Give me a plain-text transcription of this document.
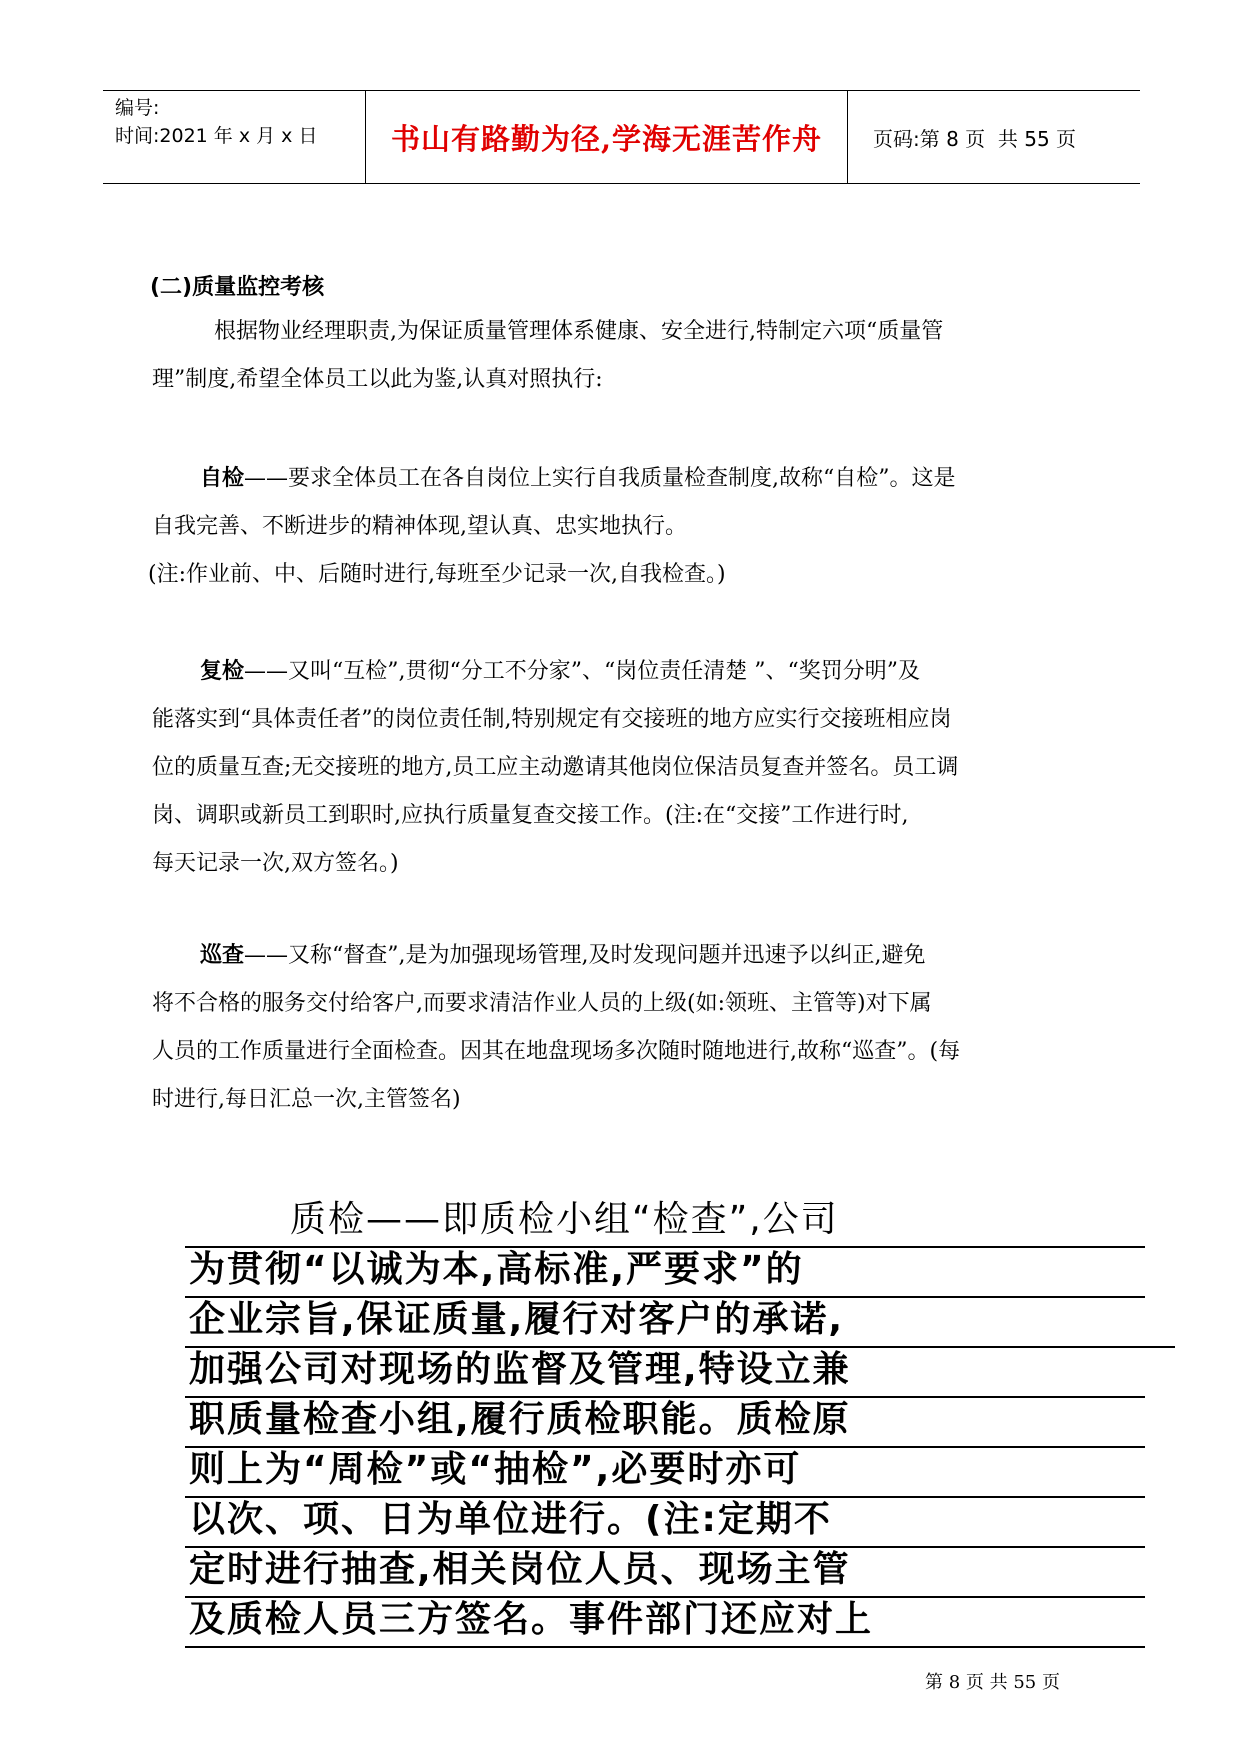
编号:
时间:2021 年 x 月 x 日	书山有路勤为径,学海无涯苦作舟	页码:第 8 页  共 55 页
(二)质量监控考核
根据物业经理职责,为保证质量管理体系健康、安全进行,特制定六项“质量管
理”制度,希望全体员工以此为鉴,认真对照执行:
自检——要求全体员工在各自岗位上实行自我质量检查制度,故称“自检”。这是
自我完善、不断进步的精神体现,望认真、忠实地执行。
(注:作业前、中、后随时进行,每班至少记录一次,自我检查。)
复检——又叫“互检”,贯彻“分工不分家”、“岗位责任清楚 ”、“奖罚分明”及
能落实到“具体责任者”的岗位责任制,特别规定有交接班的地方应实行交接班相应岗
位的质量互查;无交接班的地方,员工应主动邀请其他岗位保洁员复查并签名。员工调
岗、调职或新员工到职时,应执行质量复查交接工作。(注:在“交接”工作进行时,
每天记录一次,双方签名。)
巡查——又称“督查”,是为加强现场管理,及时发现问题并迅速予以纠正,避免
将不合格的服务交付给客户,而要求清洁作业人员的上级(如:领班、主管等)对下属
人员的工作质量进行全面检查。因其在地盘现场多次随时随地进行,故称“巡查”。(每
时进行,每日汇总一次,主管签名)
质检——即质检小组“检查”,公司
为贯彻“以诚为本,高标准,严要求”的
企业宗旨,保证质量,履行对客户的承诺,
加强公司对现场的监督及管理,特设立兼
职质量检查小组,履行质检职能。质检原
则上为“周检”或“抽检”,必要时亦可
以次、项、日为单位进行。(注:定期不
定时进行抽查,相关岗位人员、现场主管
及质检人员三方签名。事件部门还应对上
第 8 页 共 55 页
